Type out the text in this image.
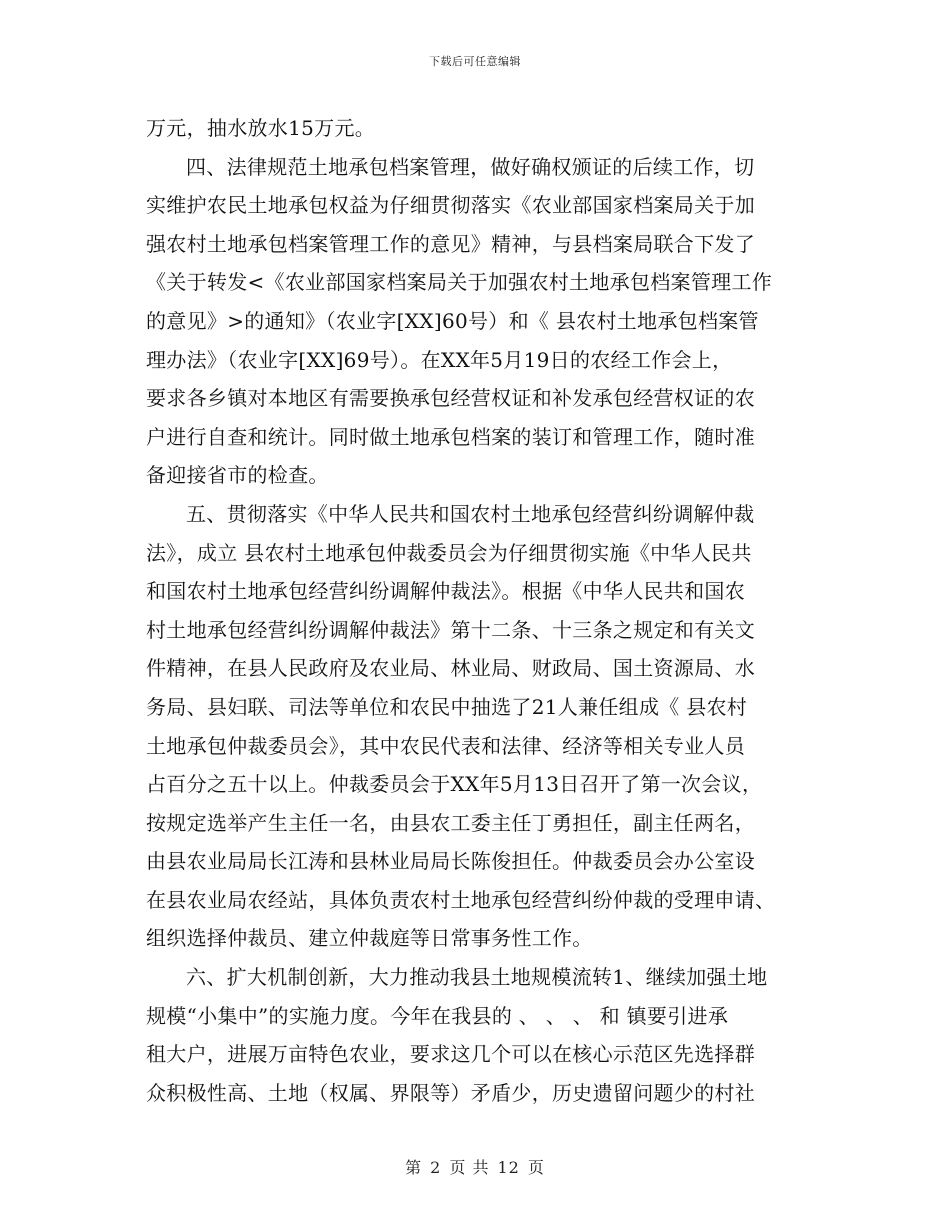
下载后可任意编辑
万元，抽水放水15万元。
四、法律规范土地承包档案管理，做好确权颁证的后续工作，切
实维护农民土地承包权益为仔细贯彻落实《农业部国家档案局关于加
强农村土地承包档案管理工作的意见》精神，与县档案局联合下发了
《关于转发<《农业部国家档案局关于加强农村土地承包档案管理工作
的意见》>的通知》（农业字[XX]60号）和《 县农村土地承包档案管
理办法》（农业字[XX]69号）。在XX年5月19日的农经工作会上，
要求各乡镇对本地区有需要换承包经营权证和补发承包经营权证的农
户进行自查和统计。同时做土地承包档案的装订和管理工作，随时准
备迎接省市的检查。
五、贯彻落实《中华人民共和国农村土地承包经营纠纷调解仲裁
法》，成立 县农村土地承包仲裁委员会为仔细贯彻实施《中华人民共
和国农村土地承包经营纠纷调解仲裁法》。根据《中华人民共和国农
村土地承包经营纠纷调解仲裁法》第十二条、十三条之规定和有关文
件精神，在县人民政府及农业局、林业局、财政局、国土资源局、水
务局、县妇联、司法等单位和农民中抽选了21人兼任组成《 县农村
土地承包仲裁委员会》，其中农民代表和法律、经济等相关专业人员
占百分之五十以上。仲裁委员会于XX年5月13日召开了第一次会议，
按规定选举产生主任一名，由县农工委主任丁勇担任，副主任两名，
由县农业局局长江涛和县林业局局长陈俊担任。仲裁委员会办公室设
在县农业局农经站，具体负责农村土地承包经营纠纷仲裁的受理申请、
组织选择仲裁员、建立仲裁庭等日常事务性工作。
六、扩大机制创新，大力推动我县土地规模流转1、继续加强土地
规模“小集中”的实施力度。今年在我县的 、 、 、 和 镇要引进承
租大户，进展万亩特色农业，要求这几个可以在核心示范区先选择群
众积极性高、土地（权属、界限等）矛盾少，历史遗留问题少的村社
第 2 页 共 12 页
